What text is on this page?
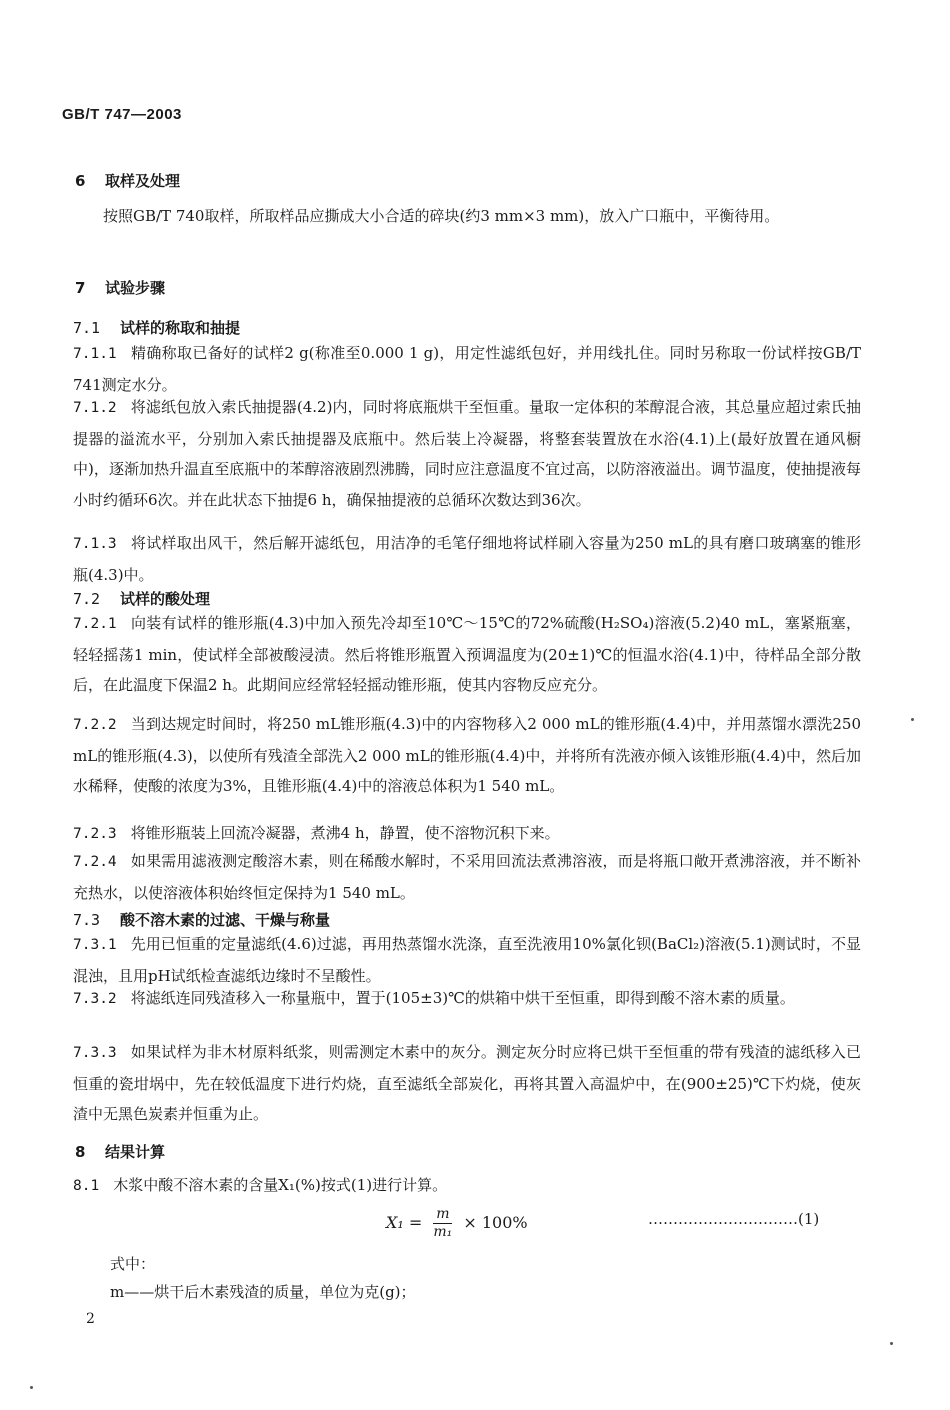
GB/T 747—2003
6 取样及处理
按照GB/T 740取样，所取样品应撕成大小合适的碎块(约3 mm×3 mm)，放入广口瓶中，平衡待用。
7 试验步骤
7.1 试样的称取和抽提
7.1.1 精确称取已备好的试样2 g(称准至0.000 1 g)，用定性滤纸包好，并用线扎住。同时另称取一份试样按GB/T 741测定水分。
7.1.2 将滤纸包放入索氏抽提器(4.2)内，同时将底瓶烘干至恒重。量取一定体积的苯醇混合液，其总量应超过索氏抽提器的溢流水平，分别加入索氏抽提器及底瓶中。然后装上冷凝器，将整套装置放在水浴(4.1)上(最好放置在通风橱中)，逐渐加热升温直至底瓶中的苯醇溶液剧烈沸腾，同时应注意温度不宜过高，以防溶液溢出。调节温度，使抽提液每小时约循环6次。并在此状态下抽提6 h，确保抽提液的总循环次数达到36次。
7.1.3 将试样取出风干，然后解开滤纸包，用洁净的毛笔仔细地将试样刷入容量为250 mL的具有磨口玻璃塞的锥形瓶(4.3)中。
7.2 试样的酸处理
7.2.1 向装有试样的锥形瓶(4.3)中加入预先冷却至10℃～15℃的72%硫酸(H₂SO₄)溶液(5.2)40 mL，塞紧瓶塞，轻轻摇荡1 min，使试样全部被酸浸渍。然后将锥形瓶置入预调温度为(20±1)℃的恒温水浴(4.1)中，待样品全部分散后，在此温度下保温2 h。此期间应经常轻轻摇动锥形瓶，使其内容物反应充分。
7.2.2 当到达规定时间时，将250 mL锥形瓶(4.3)中的内容物移入2 000 mL的锥形瓶(4.4)中，并用蒸馏水漂洗250 mL的锥形瓶(4.3)，以使所有残渣全部洗入2 000 mL的锥形瓶(4.4)中，并将所有洗液亦倾入该锥形瓶(4.4)中，然后加水稀释，使酸的浓度为3%，且锥形瓶(4.4)中的溶液总体积为1 540 mL。
7.2.3 将锥形瓶装上回流冷凝器，煮沸4 h，静置，使不溶物沉积下来。
7.2.4 如果需用滤液测定酸溶木素，则在稀酸水解时，不采用回流法煮沸溶液，而是将瓶口敞开煮沸溶液，并不断补充热水，以使溶液体积始终恒定保持为1 540 mL。
7.3 酸不溶木素的过滤、干燥与称量
7.3.1 先用已恒重的定量滤纸(4.6)过滤，再用热蒸馏水洗涤，直至洗液用10%氯化钡(BaCl₂)溶液(5.1)测试时，不显混浊，且用pH试纸检查滤纸边缘时不呈酸性。
7.3.2 将滤纸连同残渣移入一称量瓶中，置于(105±3)℃的烘箱中烘干至恒重，即得到酸不溶木素的质量。
7.3.3 如果试样为非木材原料纸浆，则需测定木素中的灰分。测定灰分时应将已烘干至恒重的带有残渣的滤纸移入已恒重的瓷坩埚中，先在较低温度下进行灼烧，直至滤纸全部炭化，再将其置入高温炉中，在(900±25)℃下灼烧，使灰渣中无黑色炭素并恒重为止。
8 结果计算
8.1 木浆中酸不溶木素的含量X₁(%)按式(1)进行计算。
$X_1 = \frac{m}{\text{m₁}} \times 100\%$	…………………………(1)
式中：
m——烘干后木素残渣的质量，单位为克(g)；
2
